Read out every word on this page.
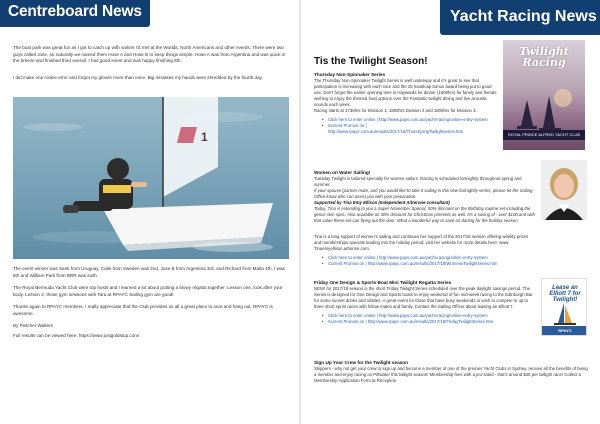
Centreboard News

The boat park was great fun as I got to catch up with sailors I’d met at the Worlds, North Americans and other events. There were two guys called Jose, so naturally we named them Hose A and Hose B to keep things simple. Hose A was from Argentina and was quick in the breeze and finished third overall. I had good event and was happy finishing 6th.

I did make one rookie error and forgot my gloves more than once. Big mistakes my hands were shredded by the fourth day.

1

The event winner was Santi from Uruguay, Caile from Sweden was 2nd, Jose B from Argentina 3rd, and Richard from Malta 4th, I was 6th and William Park from BRR was sixth.

The Royal Bermuda Yacht Club were top hosts and I learned a lot about putting a blowy regatta together. Lesson one, look after your body. Lesson 2, those gym sessions with Tara at RPAYC Sailing gym are good!

Thanks again to RPAYC members, I really appreciate that the Club provides us all a great place to race and hang out. RPAYC is awesome.

By Fletcher Walters

Full results can be viewed here: https://www.justgoldstup.com/

Yacht Racing News
Tis the Twilight Season!
Thursday Non-Spinnaker Series

The Thursday Non-Spinnaker Twilight Series is well underway and it’s great to see that participation is increasing with each race and the 25 handicap bonus award being put to good use. Don’t forget the earlier opening time in Haywards for dinner (1800hrs) for family and friends wishing to enjoy the themed food options over the Fantastic twilight dining and live acoustic sounds each week.

Racing starts at 1730hrs for Division 1, 1800hrs Division 2 and 1805hrs for Division 3.

• Click here to enter online | http://www.pays.com.au/yacht-racing/online-entry-system
• Current Promos on | http://www.rpayc.com.au/results/2017/18/ThursSprngTwilightseries.htm
Twilight Racing
ROYAL PRINCE ALFRED YACHT CLUB
Women on Water Sailing!

Tuesday Twilight is tailored specially for women sailors. Racing is scheduled fortnightly throughout spring and summer.

If your spouse (partner mate, and you would like to take it sailing in this new fortnightly series, please let the Sailing Office know who can assist you with your preparation.

Supported by Tina Emy Ellison (Independent Aitrerone consultant)

Today, Tina is extending to you a Super November Special, 50% discount on the Birthday routine set including the genus skin spec. Also available as 30% discount for Christmas presents as well. It’s a saving of - over $100 and with that value these set can flying out the door. What a wonderful way to save on darling for the holiday season.

Tina is a long support of women’s sailing and continues her support of the 2017/18 season offering weekly prizes and memberships specials leading into the holiday period; visit her website for more details here: www. Tinaemyellison.arbonne.com.

• Click here to enter online | http://www.pays.com.au/yacht-racing/online-entry-system
• Current Promos on | http://www.rpayc.com.au/results/2017/18/WomensTwilightseries.htm
Friday One Design & Sports Boat Mini Twilight Regatta Series

NEW! for 2017/18 season is the short Friday Twilight Series scheduled over the peak daylight savings period. The Series is designed for One Design and Sports boats to enjoy weekend of fun mid-week racing to the Edinburgh Bar for some sunset drinks and nibbles. A great event for those that have busy weekends or wish to compete in up to three short sprint races with fellow mates and family. Contact the Sailing Officer about leasing an Elliott 7.

• Click here to enter online | http://www.pays.com.au/yacht-racing/online-entry-system
• Current Promos on | http://www.rpayc.com.au/results/2017/18/FridayTwilightSeries.htm
Lease an Elliott 7 for Twilight!
RPAYC
Sign Up Your Crew for the Twilight season

Skippers - why not get your crew to sign up and become a member of one of the premier Yacht Clubs in Sydney, receive all the benefits of being a member and enjoy racing on Pittwater this twilight season! Membership fees with a pro-rated - that’s around $25 per twilight race! Collect a Membership Application Form at Reception.
